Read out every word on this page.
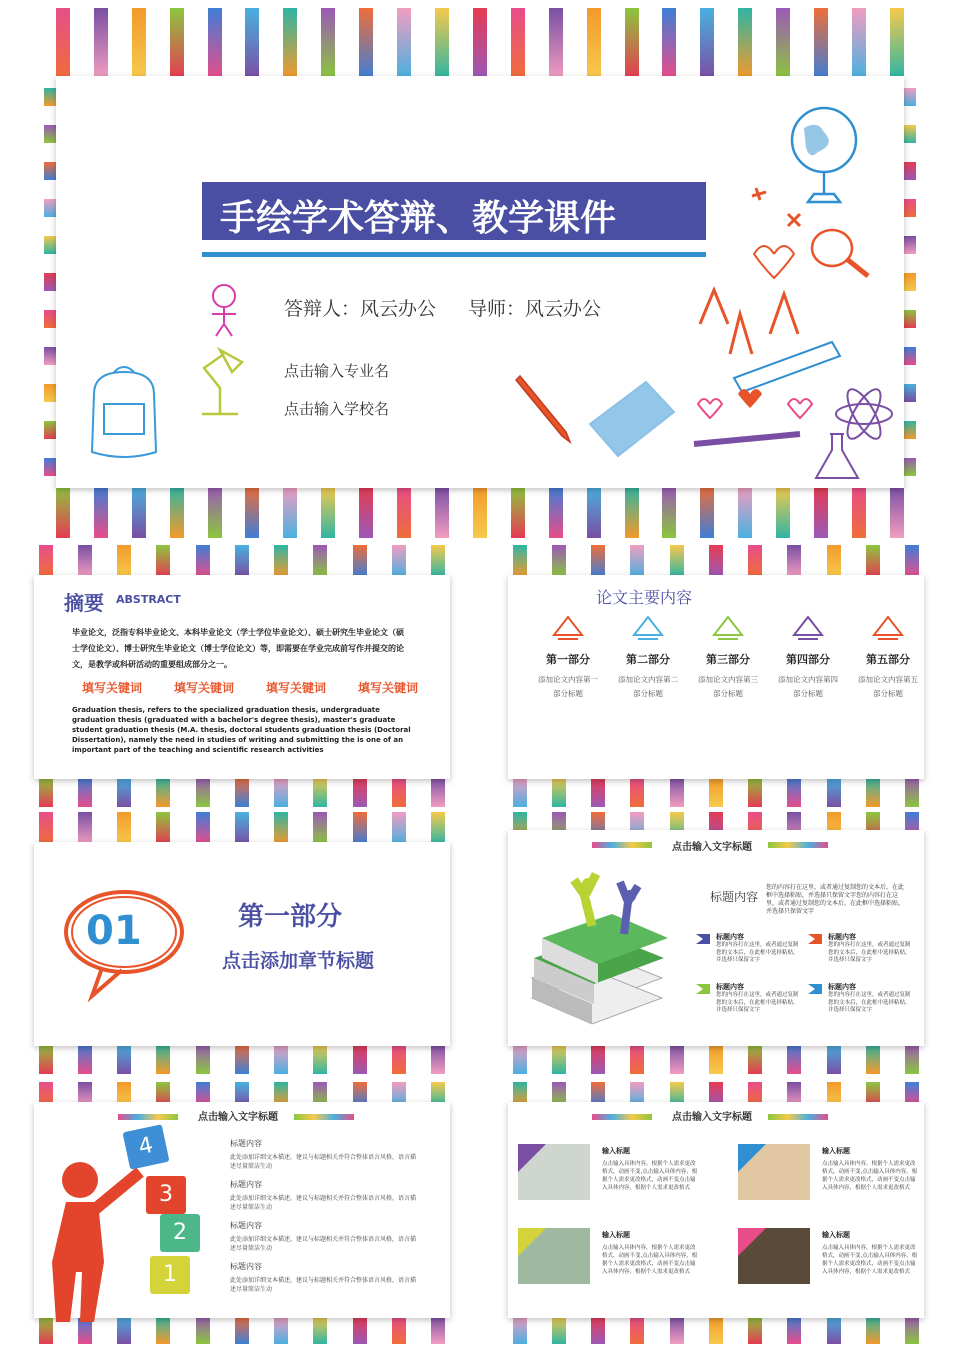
手绘学术答辩、教学课件
答辩人：风云办公 导师：风云办公
点击输入专业名
点击输入学校名
摘要 ABSTRACT
毕业论文，泛指专科毕业论文、本科毕业论文（学士学位毕业论文）、硕士研究生毕业论文（硕士学位论文）、博士研究生毕业论文（博士学位论文）等，即需要在学业完成前写作并提交的论文，是教学或科研活动的重要组成部分之一。
填写关键词	填写关键词	填写关键词	填写关键词
Graduation thesis, refers to the specialized graduation thesis, undergraduate graduation thesis (graduated with a bachelor's degree thesis), master's graduate student graduation thesis (M.A. thesis, doctoral students graduation thesis (Doctoral Dissertation), namely the need in studies of writing and submitting the is one of an important part of the teaching and scientific research activities
论文主要内容
第一部分
添加论文内容第一部分标题
第二部分
添加论文内容第二部分标题
第三部分
添加论文内容第三部分标题
第四部分
添加论文内容第四部分标题
第五部分
添加论文内容第五部分标题
01	第一部分
点击添加章节标题
点击输入文字标题
标题内容
您的内容打在这里，或者通过复制您的文本后，在此框中选择粘贴，并选择只保留文字您的内容打在这里，或者通过复制您的文本后，在此框中选择粘贴，并选择只保留文字
标题内容
您的内容打在这里，或者通过复制您的文本后，在此框中选择粘贴，并选择只保留文字
标题内容
您的内容打在这里，或者通过复制您的文本后，在此框中选择粘贴，并选择只保留文字
标题内容
您的内容打在这里，或者通过复制您的文本后，在此框中选择粘贴，并选择只保留文字
标题内容
您的内容打在这里，或者通过复制您的文本后，在此框中选择粘贴，并选择只保留文字
点击输入文字标题
4
3
2
1
标题内容
此处添加详细文本描述，建议与标题相关并符合整体语言风格，语言描述尽量简洁生动
标题内容
此处添加详细文本描述，建议与标题相关并符合整体语言风格，语言描述尽量简洁生动
标题内容
此处添加详细文本描述，建议与标题相关并符合整体语言风格，语言描述尽量简洁生动
标题内容
此处添加详细文本描述，建议与标题相关并符合整体语言风格，语言描述尽量简洁生动
点击输入文字标题
输入标题
点击输入具体内容，根据个人需求更改格式，动画不变,点击输入具体内容，根据个人需求更改格式，动画不变点击输入具体内容，根据个人需求更改格式
输入标题
点击输入具体内容，根据个人需求更改格式，动画不变,点击输入具体内容，根据个人需求更改格式，动画不变点击输入具体内容，根据个人需求更改格式
输入标题
点击输入具体内容，根据个人需求更改格式，动画不变,点击输入具体内容，根据个人需求更改格式，动画不变点击输入具体内容，根据个人需求更改格式
输入标题
点击输入具体内容，根据个人需求更改格式，动画不变,点击输入具体内容，根据个人需求更改格式，动画不变点击输入具体内容，根据个人需求更改格式
